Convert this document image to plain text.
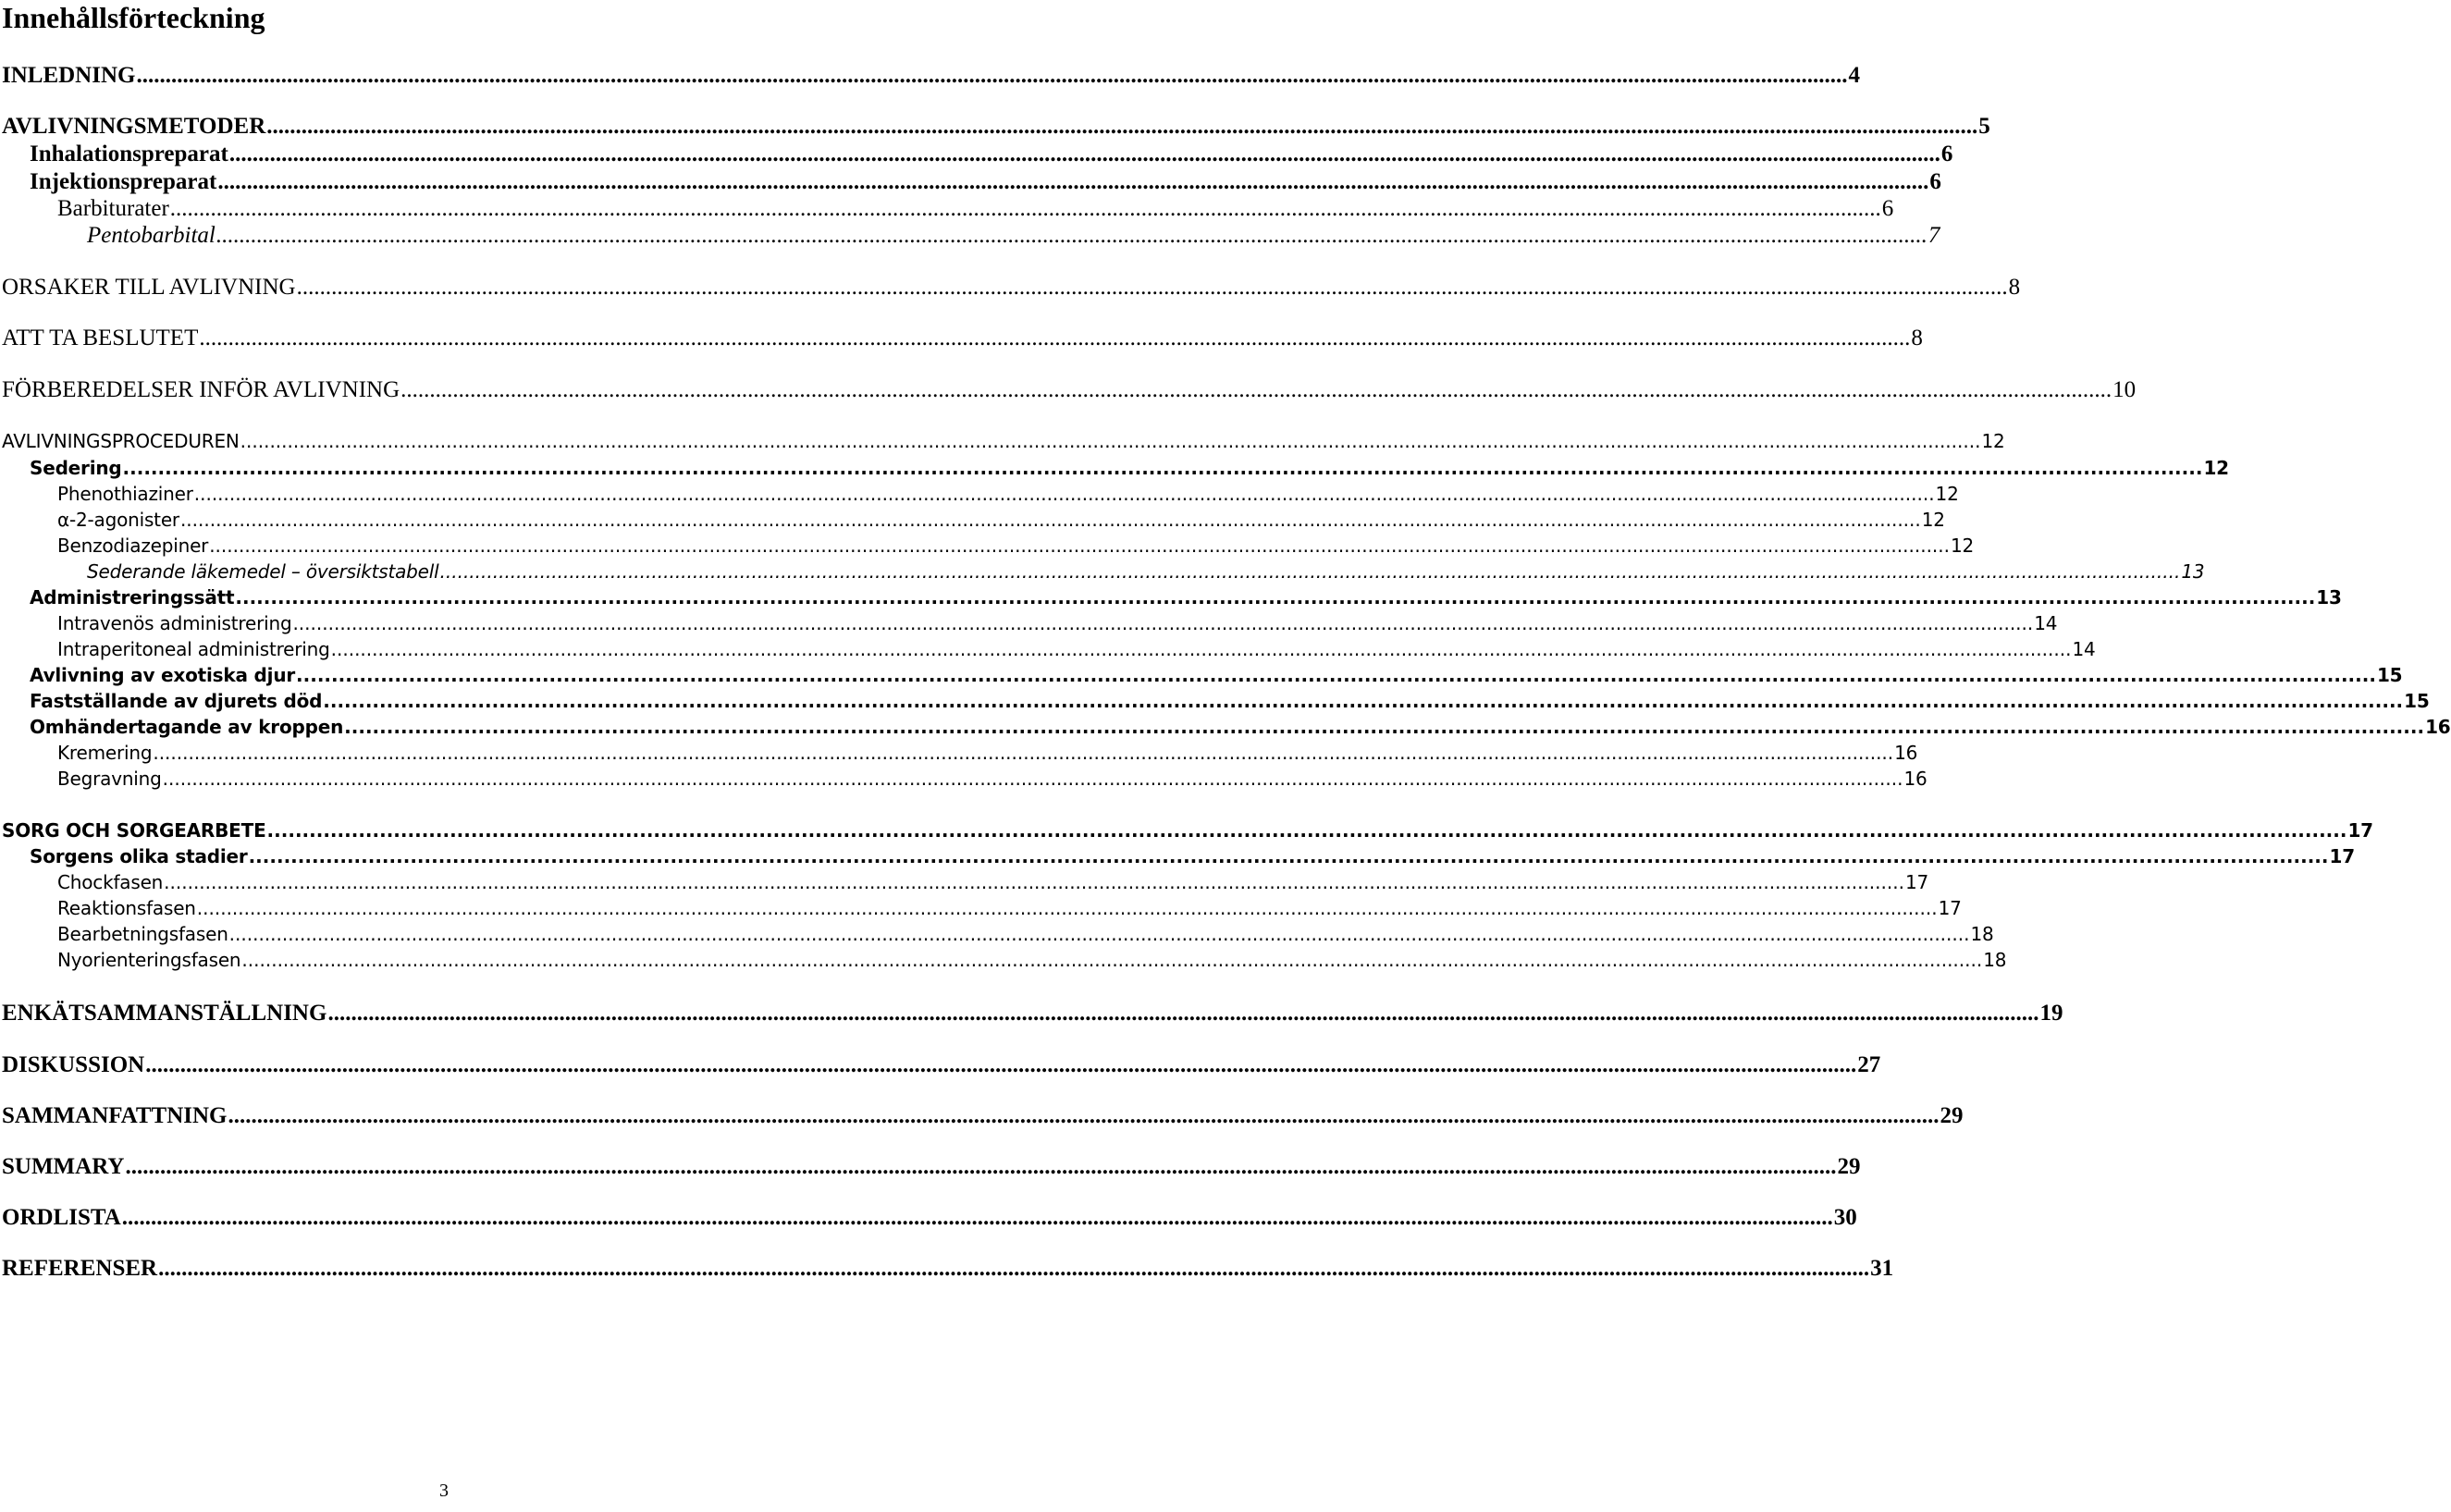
Innehållsförteckning
INLEDNING ........................................................................................................................................................................................................................................................................................................ 4
AVLIVNINGSMETODER ........................................................................................................................................................................................................................................................................................................ 5
Inhalationspreparat ........................................................................................................................................................................................................................................................................................................ 6
Injektionspreparat ........................................................................................................................................................................................................................................................................................................ 6
Barbiturater ........................................................................................................................................................................................................................................................................................................ 6
Pentobarbital ........................................................................................................................................................................................................................................................................................................ 7
ORSAKER TILL AVLIVNING ........................................................................................................................................................................................................................................................................................................ 8
ATT TA BESLUTET ........................................................................................................................................................................................................................................................................................................ 8
FÖRBEREDELSER INFÖR AVLIVNING ........................................................................................................................................................................................................................................................................................................ 10
AVLIVNINGSPROCEDUREN ........................................................................................................................................................................................................................................................................................................ 12
Sedering ........................................................................................................................................................................................................................................................................................................ 12
Phenothiaziner ........................................................................................................................................................................................................................................................................................................ 12
α-2-agonister ........................................................................................................................................................................................................................................................................................................ 12
Benzodiazepiner ........................................................................................................................................................................................................................................................................................................ 12
Sederande läkemedel – översiktstabell ........................................................................................................................................................................................................................................................................................................ 13
Administreringssätt ........................................................................................................................................................................................................................................................................................................ 13
Intravenös administrering ........................................................................................................................................................................................................................................................................................................ 14
Intraperitoneal administrering ........................................................................................................................................................................................................................................................................................................ 14
Avlivning av exotiska djur ........................................................................................................................................................................................................................................................................................................ 15
Fastställande av djurets död ........................................................................................................................................................................................................................................................................................................ 15
Omhändertagande av kroppen ........................................................................................................................................................................................................................................................................................................ 16
Kremering ........................................................................................................................................................................................................................................................................................................ 16
Begravning ........................................................................................................................................................................................................................................................................................................ 16
SORG OCH SORGEARBETE ........................................................................................................................................................................................................................................................................................................ 17
Sorgens olika stadier ........................................................................................................................................................................................................................................................................................................ 17
Chockfasen ........................................................................................................................................................................................................................................................................................................ 17
Reaktionsfasen ........................................................................................................................................................................................................................................................................................................ 17
Bearbetningsfasen ........................................................................................................................................................................................................................................................................................................ 18
Nyorienteringsfasen ........................................................................................................................................................................................................................................................................................................ 18
ENKÄTSAMMANSTÄLLNING ........................................................................................................................................................................................................................................................................................................ 19
DISKUSSION ........................................................................................................................................................................................................................................................................................................ 27
SAMMANFATTNING ........................................................................................................................................................................................................................................................................................................ 29
SUMMARY ........................................................................................................................................................................................................................................................................................................ 29
ORDLISTA ........................................................................................................................................................................................................................................................................................................ 30
REFERENSER ........................................................................................................................................................................................................................................................................................................ 31
3
